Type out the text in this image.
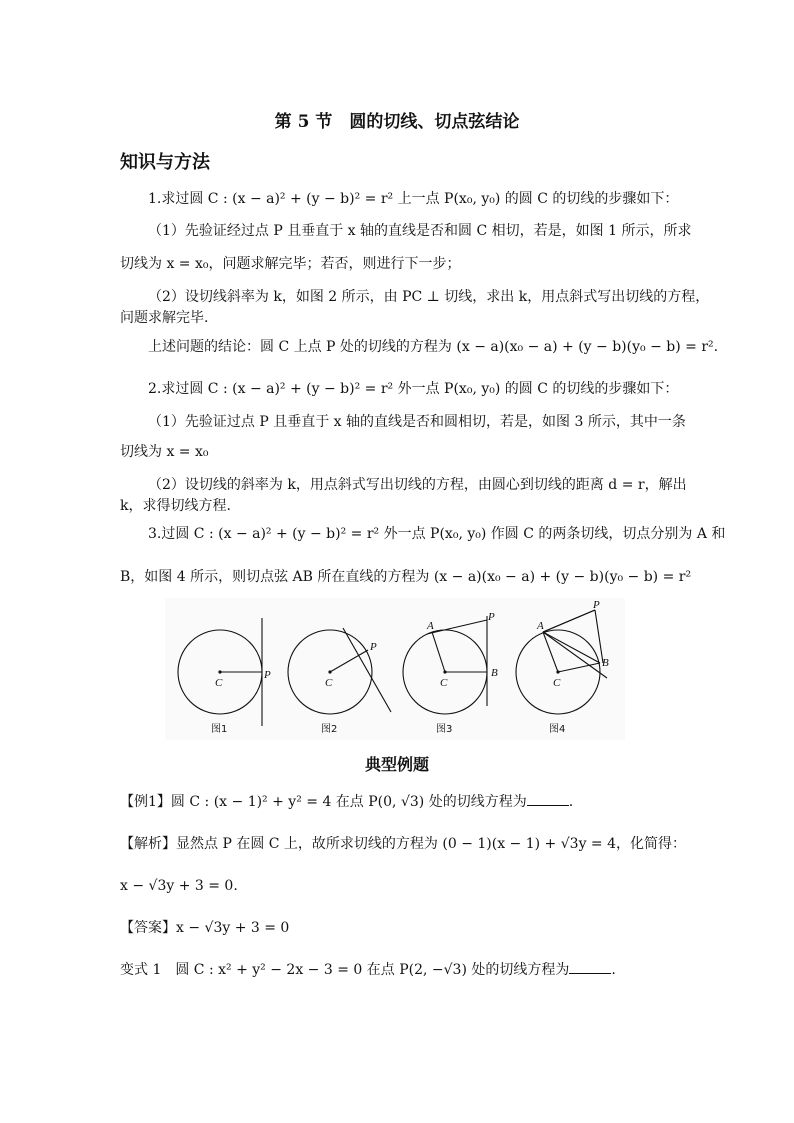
第 5 节　圆的切线、切点弦结论
知识与方法
1.求过圆 C : (x − a)² + (y − b)² = r² 上一点 P(x₀, y₀) 的圆 C 的切线的步骤如下：
（1）先验证经过点 P 且垂直于 x 轴的直线是否和圆 C 相切，若是，如图 1 所示，所求
切线为 x = x₀，问题求解完毕；若否，则进行下一步；
（2）设切线斜率为 k，如图 2 所示，由 PC ⊥ 切线，求出 k，用点斜式写出切线的方程，
问题求解完毕.
上述问题的结论：圆 C 上点 P 处的切线的方程为 (x − a)(x₀ − a) + (y − b)(y₀ − b) = r².
2.求过圆 C : (x − a)² + (y − b)² = r² 外一点 P(x₀, y₀) 的圆 C 的切线的步骤如下：
（1）先验证过点 P 且垂直于 x 轴的直线是否和圆相切，若是，如图 3 所示，其中一条
切线为 x = x₀
（2）设切线的斜率为 k，用点斜式写出切线的方程，由圆心到切线的距离 d = r，解出
k，求得切线方程.
3.过圆 C : (x − a)² + (y − b)² = r² 外一点 P(x₀, y₀) 作圆 C 的两条切线，切点分别为 A 和
B，如图 4 所示，则切点弦 AB 所在直线的方程为 (x − a)(x₀ − a) + (y − b)(y₀ − b) = r²
C
P
C
P
C
P
A
B
C
P
A
B
图1	图2	图3	图4
典型例题
【例1】圆 C : (x − 1)² + y² = 4 在点 P(0, √3) 处的切线方程为	.
【解析】显然点 P 在圆 C 上，故所求切线的方程为 (0 − 1)(x − 1) + √3y = 4，化简得：
x − √3y + 3 = 0.
【答案】x − √3y + 3 = 0
变式 1　 圆 C : x² + y² − 2x − 3 = 0 在点 P(2, −√3) 处的切线方程为	.
